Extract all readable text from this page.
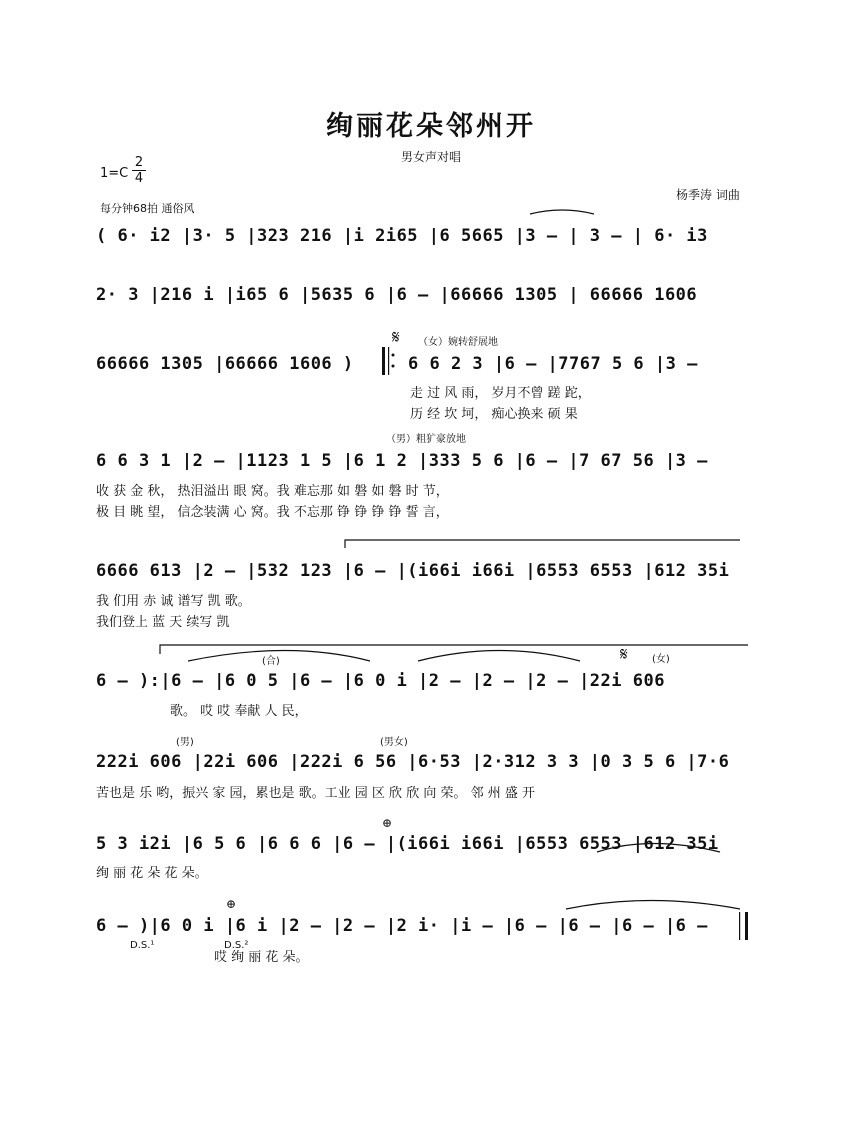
绚丽花朵邻州开
男女声对唱
1=C
2
4
杨季涛 词曲
每分钟68拍 通俗风
( 6· i2 |3· 5 |323 216 |i 2i65 |6 5665 |3 – | 3 – | 6· i3
2· 3 |216 i |i65 6 |5635 6 |6 – |66666 1305 | 66666 1606
66666 1305 |66666 1606 )	6 6 2 3 |6 – |7767 5 6 |3 –
（女）婉转舒展地
走 过 风 雨， 岁月不曾 蹉 跎，
历 经 坎 坷， 痴心换来 硕 果
（男）粗犷豪放地
6 6 3 1 |2 – |1123 1 5 |6 1 2 |333 5 6 |6 – |7 67 56 |3 –
收 获 金 秋， 热泪溢出 眼 窝。我 难忘那 如 磐 如 磐 时 节，
极 目 眺 望， 信念装满 心 窝。我 不忘那 铮 铮 铮 铮 誓 言，
6666 613 |2 – |532 123 |6 – |(i66i i66i |6553 6553 |612 35i
我 们用 赤 诚 谱写 凯 歌。
我们登上 蓝 天 续写 凯
(合)	(女)
6 – ):|6 – |6 0 5 |6 – |6 0 i |2 – |2 – |2 – |22i 606
歌。 哎 哎 奉献 人 民，
(男)	(男女)
222i 606 |22i 606 |222i 6 56 |6·53 |2·312 3 3 |0 3 5 6 |7·6
苦也是 乐 哟，振兴 家 园，累也是 歌。工业 园 区 欣 欣 向 荣。 邻 州 盛 开
5 3 i2i |6 5 6 |6 6 6 |6 – |(i66i i66i |6553 6553 |612 35i
绚 丽 花 朵 花 朵。
6 – )|6 0 i |6 i |2 – |2 – |2 i· |i – |6 – |6 – |6 – |6 –
D.S.¹	D.S.²
哎 绚 丽 花 朵。
𝄋
𝄋
⊕
⊕
